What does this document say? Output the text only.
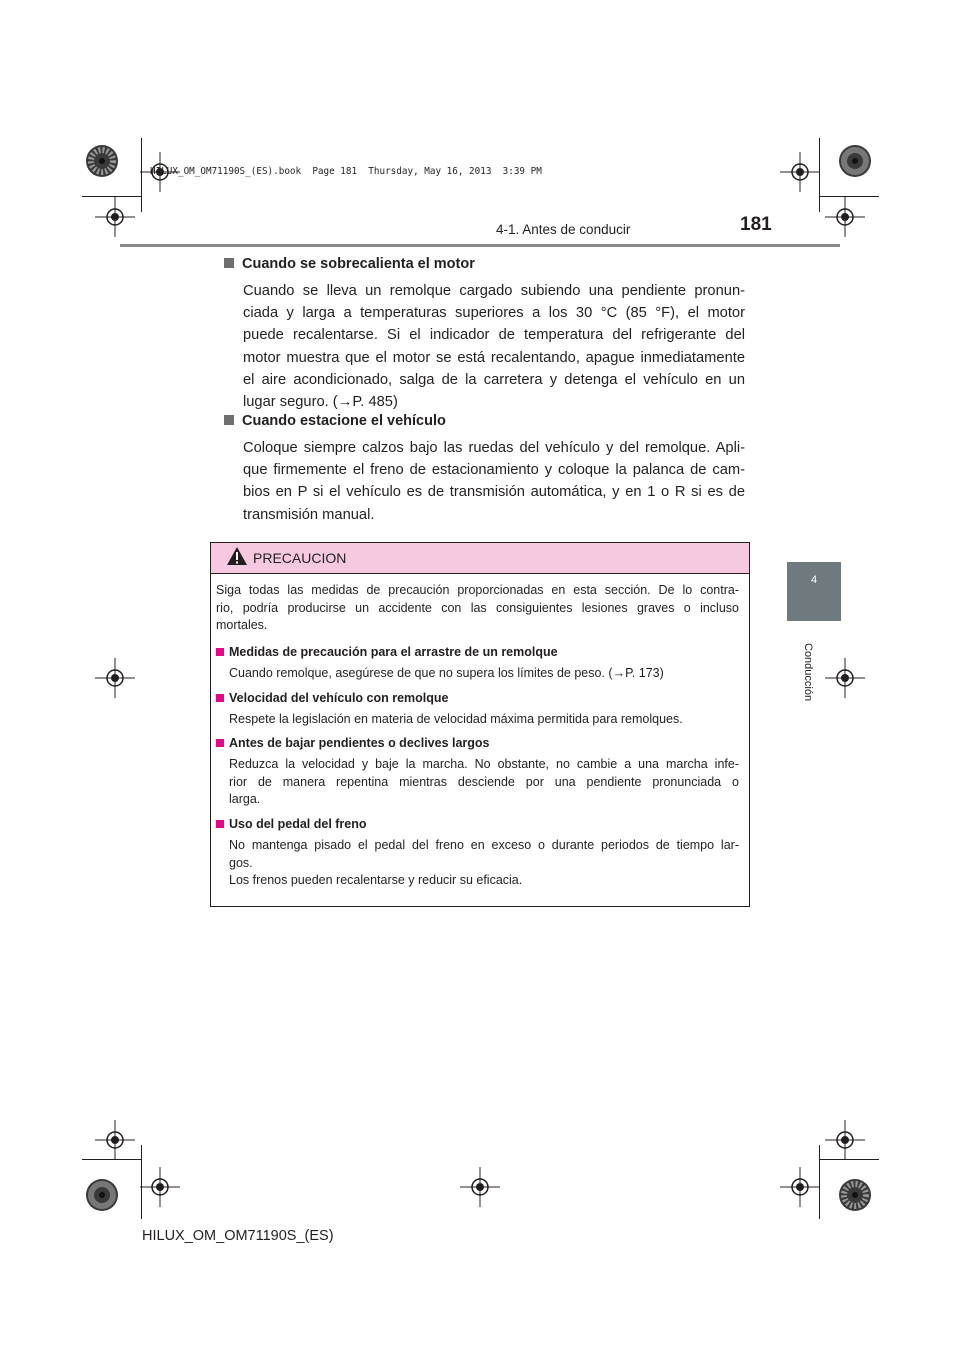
HILUX_OM_OM71190S_(ES).book  Page 181  Thursday, May 16, 2013  3:39 PM
4-1. Antes de conducir	181
4
Conducción
Cuando se sobrecalienta el motor
Cuando se lleva un remolque cargado subiendo una pendiente pronun-
ciada y larga a temperaturas superiores a los 30 °C (85 °F), el motor
puede recalentarse. Si el indicador de temperatura del refrigerante del
motor muestra que el motor se está recalentando, apague inmediatamente
el aire acondicionado, salga de la carretera y detenga el vehículo en un
lugar seguro. (→P. 485)
Cuando estacione el vehículo
Coloque siempre calzos bajo las ruedas del vehículo y del remolque. Apli-
que firmemente el freno de estacionamiento y coloque la palanca de cam-
bios en P si el vehículo es de transmisión automática, y en 1 o R si es de
transmisión manual.
PRECAUCION
Siga todas las medidas de precaución proporcionadas en esta sección. De lo contra-
rio, podría producirse un accidente con las consiguientes lesiones graves o incluso
mortales.
Medidas de precaución para el arrastre de un remolque
Cuando remolque, asegúrese de que no supera los límites de peso. (→P. 173)
Velocidad del vehículo con remolque
Respete la legislación en materia de velocidad máxima permitida para remolques.
Antes de bajar pendientes o declives largos
Reduzca la velocidad y baje la marcha. No obstante, no cambie a una marcha infe-
rior de manera repentina mientras desciende por una pendiente pronunciada o
larga.
Uso del pedal del freno
No mantenga pisado el pedal del freno en exceso o durante periodos de tiempo lar-
gos.
Los frenos pueden recalentarse y reducir su eficacia.
HILUX_OM_OM71190S_(ES)
